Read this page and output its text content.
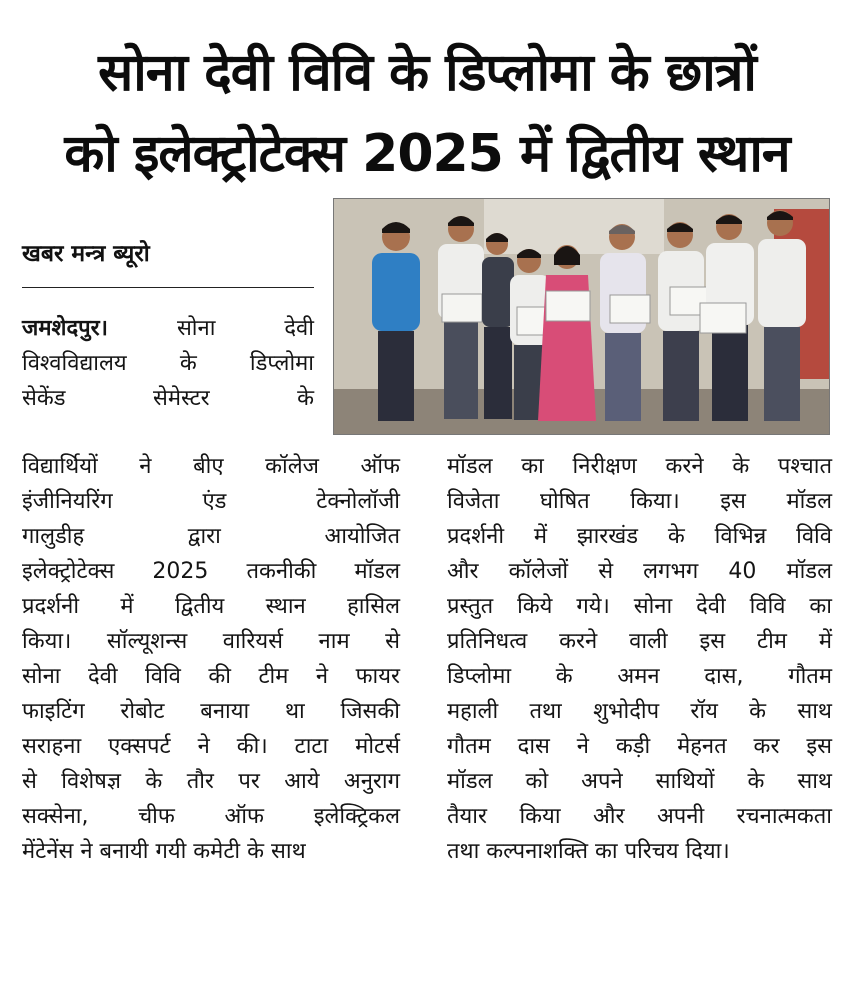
सोना देवी विवि के डिप्लोमा के छात्रों
को इलेक्ट्रोटेक्स 2025 में द्वितीय स्थान
खबर मन्त्र ब्यूरो
जमशेदपुर।	सोना देवी
विश्वविद्यालय के डिप्लोमा
सेकेंड सेमेस्टर के
विद्यार्थियों ने बीए कॉलेज ऑफ
इंजीनियरिंग एंड टेक्नोलॉजी
गालुडीह द्वारा आयोजित
इलेक्ट्रोटेक्स 2025 तकनीकी मॉडल
प्रदर्शनी में द्वितीय स्थान हासिल
किया। सॉल्यूशन्स वारियर्स नाम से
सोना देवी विवि की टीम ने फायर
फाइटिंग रोबोट बनाया था जिसकी
सराहना एक्सपर्ट ने की। टाटा मोटर्स
से विशेषज्ञ के तौर पर आये अनुराग
सक्सेना, चीफ ऑफ इलेक्ट्रिकल
मेंटेनेंस ने बनायी गयी कमेटी के साथ
मॉडल का निरीक्षण करने के पश्चात
विजेता घोषित किया। इस मॉडल
प्रदर्शनी में झारखंड के विभिन्न विवि
और कॉलेजों से लगभग 40 मॉडल
प्रस्तुत किये गये। सोना देवी विवि का
प्रतिनिधत्व करने वाली इस टीम में
डिप्लोमा के अमन दास, गौतम
महाली तथा शुभोदीप रॉय के साथ
गौतम दास ने कड़ी मेहनत कर इस
मॉडल को अपने साथियों के साथ
तैयार किया और अपनी रचनात्मकता
तथा कल्पनाशक्ति का परिचय दिया।
